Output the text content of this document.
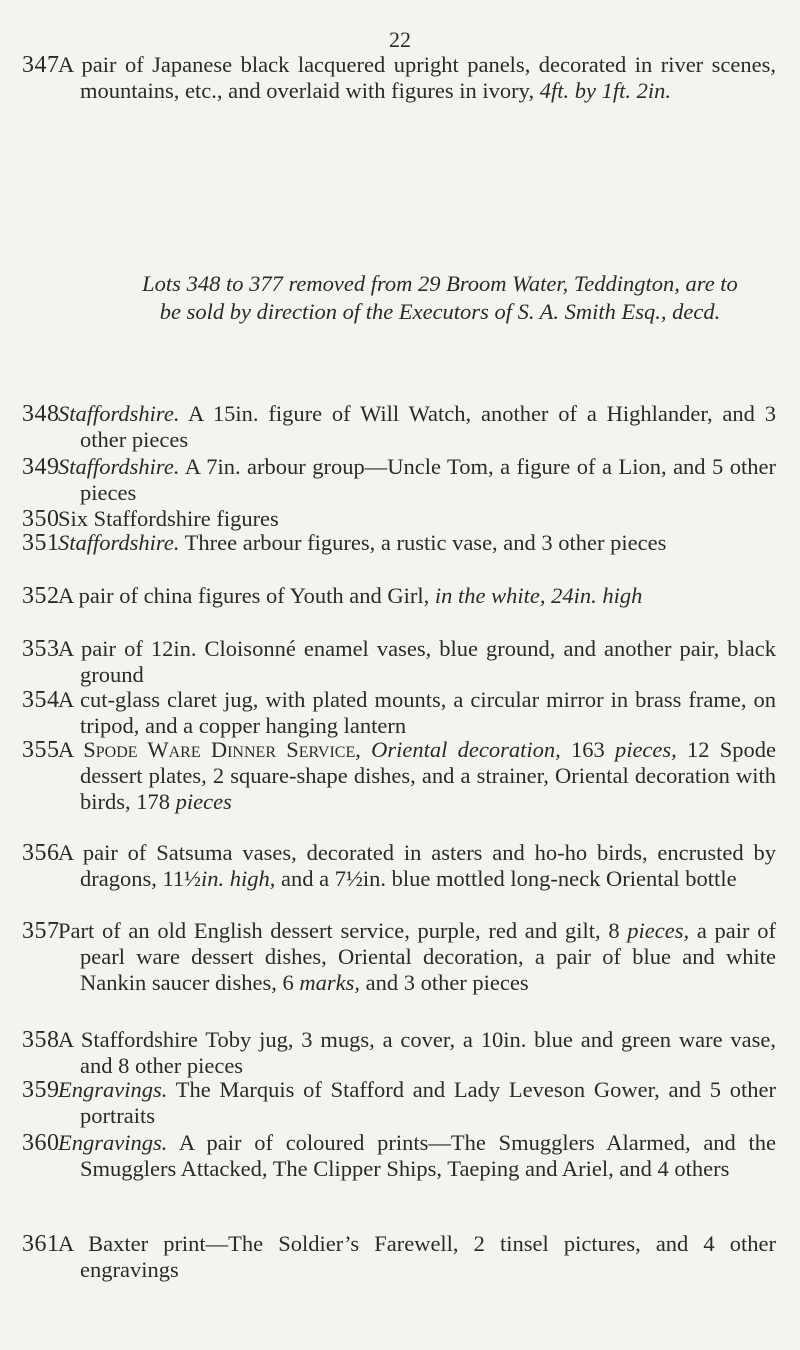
22
Lots 348 to 377 removed from 29 Broom Water, Teddington, are to be sold by direction of the Executors of S. A. Smith Esq., decd.
347
A pair of Japanese black lacquered upright panels, decorated in river scenes, mountains, etc., and overlaid with figures in ivory, 4ft. by 1ft. 2in.
348
Staffordshire. A 15in. figure of Will Watch, another of a Highlander, and 3 other pieces
349
Staffordshire. A 7in. arbour group—Uncle Tom, a figure of a Lion, and 5 other pieces
350
Six Staffordshire figures
351
Staffordshire. Three arbour figures, a rustic vase, and 3 other pieces
352
A pair of china figures of Youth and Girl, in the white, 24in. high
353
A pair of 12in. Cloisonné enamel vases, blue ground, and another pair, black ground
354
A cut-glass claret jug, with plated mounts, a circular mirror in brass frame, on tripod, and a copper hanging lantern
355
A Spode Ware Dinner Service, Oriental decoration, 163 pieces, 12 Spode dessert plates, 2 square-shape dishes, and a strainer, Oriental decoration with birds, 178 pieces
356
A pair of Satsuma vases, decorated in asters and ho-ho birds, encrusted by dragons, 11½in. high, and a 7½in. blue mottled long-neck Oriental bottle
357
Part of an old English dessert service, purple, red and gilt, 8 pieces, a pair of pearl ware dessert dishes, Oriental decoration, a pair of blue and white Nankin saucer dishes, 6 marks, and 3 other pieces
358
A Staffordshire Toby jug, 3 mugs, a cover, a 10in. blue and green ware vase, and 8 other pieces
359
Engravings. The Marquis of Stafford and Lady Leveson Gower, and 5 other portraits
360
Engravings. A pair of coloured prints—The Smugglers Alarmed, and the Smugglers Attacked, The Clipper Ships, Taeping and Ariel, and 4 others
361
A Baxter print—The Soldier’s Farewell, 2 tinsel pictures, and 4 other engravings
